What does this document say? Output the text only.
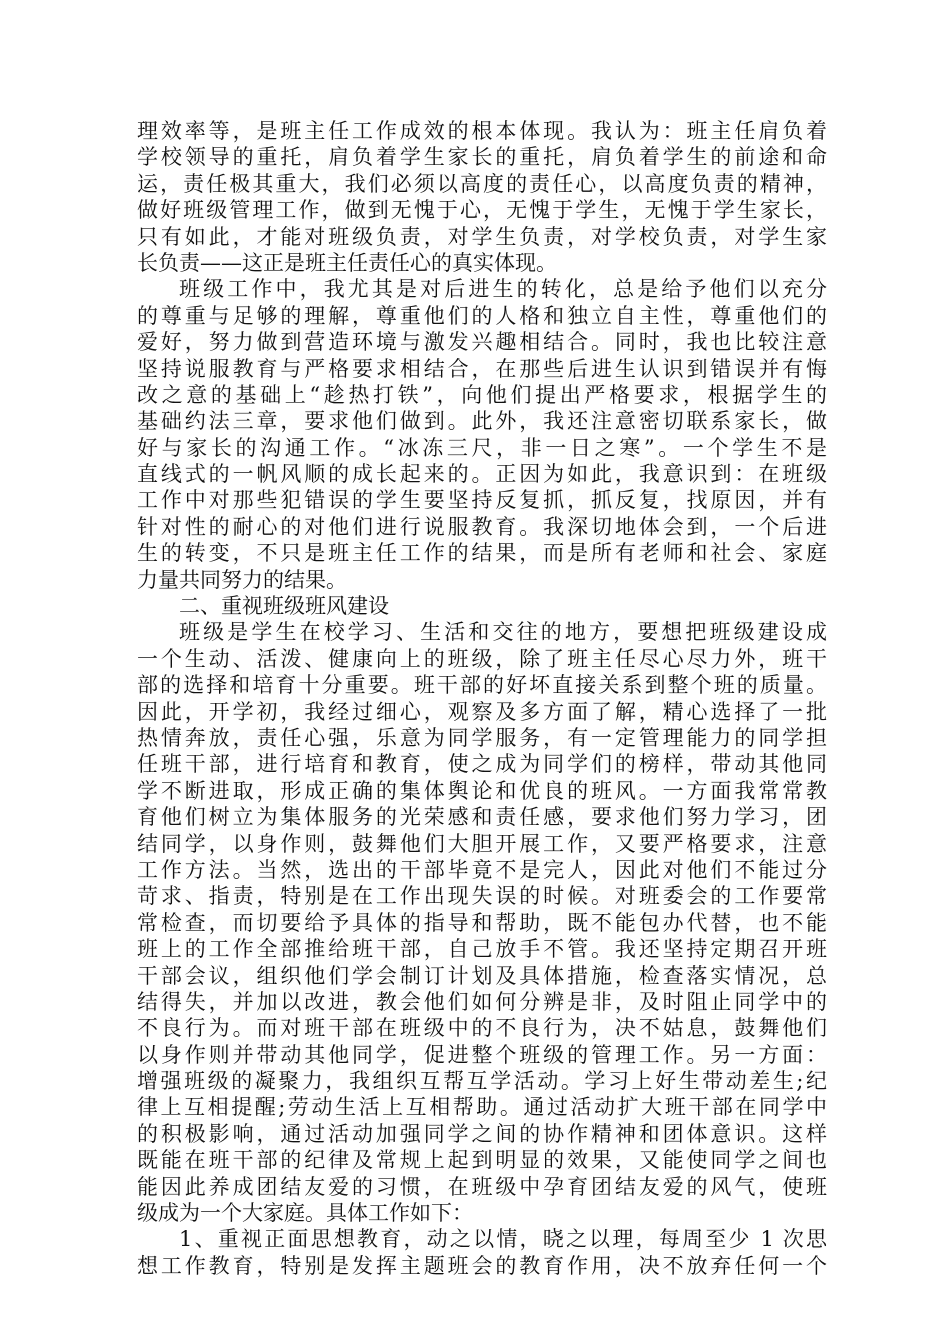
理效率等，是班主任工作成效的根本体现。我认为：班主任肩负着
学校领导的重托，肩负着学生家长的重托，肩负着学生的前途和命
运，责任极其重大，我们必须以高度的责任心，以高度负责的精神，
做好班级管理工作，做到无愧于心，无愧于学生，无愧于学生家长，
只有如此，才能对班级负责，对学生负责，对学校负责，对学生家
长负责——这正是班主任责任心的真实体现。
班级工作中，我尤其是对后进生的转化，总是给予他们以充分
的尊重与足够的理解，尊重他们的人格和独立自主性，尊重他们的
爱好，努力做到营造环境与激发兴趣相结合。同时，我也比较注意
坚持说服教育与严格要求相结合，在那些后进生认识到错误并有悔
改之意的基础上“趁热打铁”，向他们提出严格要求，根据学生的
基础约法三章，要求他们做到。此外，我还注意密切联系家长，做
好与家长的沟通工作。“冰冻三尺，非一日之寒”。一个学生不是
直线式的一帆风顺的成长起来的。正因为如此，我意识到：在班级
工作中对那些犯错误的学生要坚持反复抓，抓反复，找原因，并有
针对性的耐心的对他们进行说服教育。我深切地体会到，一个后进
生的转变，不只是班主任工作的结果，而是所有老师和社会、家庭
力量共同努力的结果。
二、重视班级班风建设
班级是学生在校学习、生活和交往的地方，要想把班级建设成
一个生动、活泼、健康向上的班级，除了班主任尽心尽力外，班干
部的选择和培育十分重要。班干部的好坏直接关系到整个班的质量。
因此，开学初，我经过细心，观察及多方面了解，精心选择了一批
热情奔放，责任心强，乐意为同学服务，有一定管理能力的同学担
任班干部，进行培育和教育，使之成为同学们的榜样，带动其他同
学不断进取，形成正确的集体舆论和优良的班风。一方面我常常教
育他们树立为集体服务的光荣感和责任感，要求他们努力学习，团
结同学，以身作则，鼓舞他们大胆开展工作，又要严格要求，注意
工作方法。当然，选出的干部毕竟不是完人，因此对他们不能过分
苛求、指责，特别是在工作出现失误的时候。对班委会的工作要常
常检查，而切要给予具体的指导和帮助，既不能包办代替，也不能
班上的工作全部推给班干部，自己放手不管。我还坚持定期召开班
干部会议，组织他们学会制订计划及具体措施，检查落实情况，总
结得失，并加以改进，教会他们如何分辨是非，及时阻止同学中的
不良行为。而对班干部在班级中的不良行为，决不姑息，鼓舞他们
以身作则并带动其他同学，促进整个班级的管理工作。另一方面：
增强班级的凝聚力，我组织互帮互学活动。学习上好生带动差生;纪
律上互相提醒;劳动生活上互相帮助。通过活动扩大班干部在同学中
的积极影响，通过活动加强同学之间的协作精神和团体意识。这样
既能在班干部的纪律及常规上起到明显的效果，又能使同学之间也
能因此养成团结友爱的习惯，在班级中孕育团结友爱的风气，使班
级成为一个大家庭。具体工作如下：
1、重视正面思想教育，动之以情，晓之以理，每周至少 1 次思
想工作教育，特别是发挥主题班会的教育作用，决不放弃任何一个
